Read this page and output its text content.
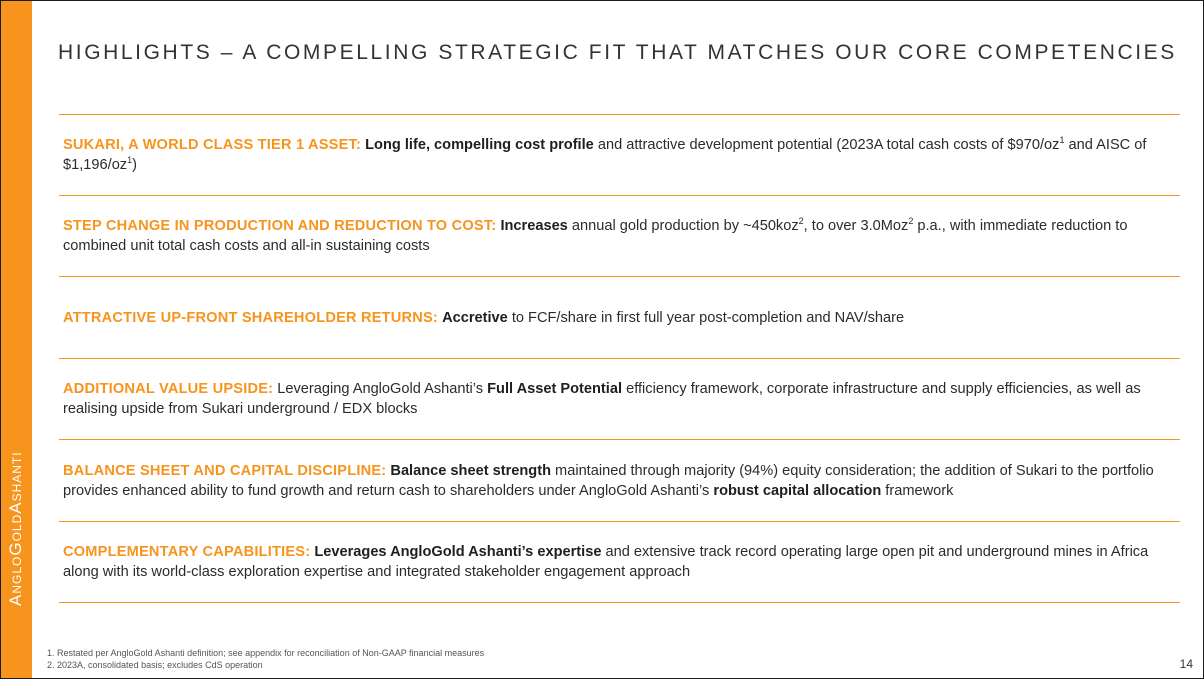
AngloGoldAshanti
HIGHLIGHTS – A COMPELLING STRATEGIC FIT THAT MATCHES OUR CORE COMPETENCIES

SUKARI, A WORLD CLASS TIER 1 ASSET: Long life, compelling cost profile and attractive development potential (2023A total cash costs of $\$970/oz^1$ and AISC of $\$1,196/oz^1$)

STEP CHANGE IN PRODUCTION AND REDUCTION TO COST: Increases annual gold production by ~450koz$^2$, to over 3.0Moz$^2$ p.a., with immediate reduction to combined unit total cash costs and all-in sustaining costs

ATTRACTIVE UP-FRONT SHAREHOLDER RETURNS: Accretive to FCF/share in first full year post-completion and NAV/share

ADDITIONAL VALUE UPSIDE: Leveraging AngloGold Ashanti’s Full Asset Potential efficiency framework, corporate infrastructure and supply efficiencies, as well as realising upside from Sukari underground / EDX blocks

BALANCE SHEET AND CAPITAL DISCIPLINE: Balance sheet strength maintained through majority (94%) equity consideration; the addition of Sukari to the portfolio provides enhanced ability to fund growth and return cash to shareholders under AngloGold Ashanti’s robust capital allocation framework

COMPLEMENTARY CAPABILITIES: Leverages AngloGold Ashanti’s expertise and extensive track record operating large open pit and underground mines in Africa along with its world-class exploration expertise and integrated stakeholder engagement approach

1. Restated per AngloGold Ashanti definition; see appendix for reconciliation of Non-GAAP financial measures
2. 2023A, consolidated basis; excludes CdS operation	14
